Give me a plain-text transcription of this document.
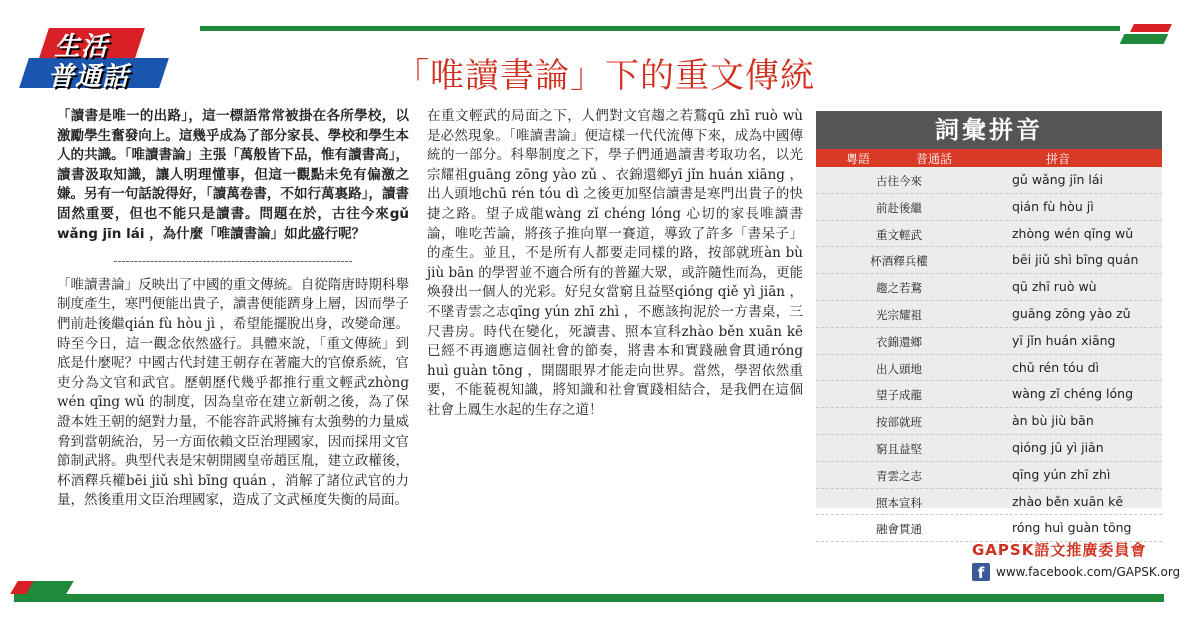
生活
普通話	「唯讀書論」下的重文傳統

「讀書是唯一的出路」，這一標語常常被掛在各所學校，以激勵學生奮發向上。這幾乎成為了部分家長、學校和學生本人的共識。「唯讀書論」主張「萬般皆下品，惟有讀書高」，讀書汲取知識，讓人明理懂事，但這一觀點未免有偏激之嫌。另有一句話說得好，「讀萬卷書，不如行萬裏路」，讀書固然重要，但也不能只是讀書。問題在於，古往今來gǔ wǎng jīn lái ，為什麼「唯讀書論」如此盛行呢？

-----------------------------------------------------------

「唯讀書論」反映出了中國的重文傳統。自從隋唐時期科舉制度產生，寒門便能出貴子，讀書便能躋身上層，因而學子們前赴後繼qián fù hòu jì ，希望能擺脫出身，改變命運。時至今日，這一觀念依然盛行。具體來說，「重文傳統」到底是什麼呢？中國古代封建王朝存在著龐大的官僚系統，官吏分為文官和武官。歷朝歷代幾乎都推行重文輕武zhòng wén qīng wǔ 的制度，因為皇帝在建立新朝之後，為了保證本姓王朝的絕對力量，不能容許武將擁有太強勢的力量威脅到當朝統治，另一方面依賴文臣治理國家，因而採用文官節制武將。典型代表是宋朝開國皇帝趙匡胤，建立政權後，杯酒釋兵權bēi jiǔ shì bīng quán ，消解了諸位武官的力量，然後重用文臣治理國家，造成了文武極度失衡的局面。

在重文輕武的局面之下，人們對文官趨之若鶩qū zhī ruò wù 是必然現象。「唯讀書論」便這樣一代代流傳下來，成為中國傳統的一部分。科舉制度之下，學子們通過讀書考取功名，以光宗耀祖guāng zōng yào zǔ 、衣錦還鄉yī jǐn huán xiāng ，出人頭地chū rén tóu dì 之後更加堅信讀書是寒門出貴子的快捷之路。望子成龍wàng zǐ chéng lóng 心切的家長唯讀書論，唯吃苦論，將孩子推向單一賽道，導致了許多「書呆子」的產生。並且，不是所有人都要走同樣的路，按部就班àn bù jiù bān 的學習並不適合所有的普羅大眾，或許隨性而為，更能煥發出一個人的光彩。好兒女當窮且益堅qióng qiě yì jiān ，不墜青雲之志qīng yún zhī zhì ，不應該拘泥於一方書桌，三尺書房。時代在變化，死讀書、照本宣科zhào běn xuān kē 已經不再適應這個社會的節奏，將書本和實踐融會貫通róng huì guàn tōng ，開闊眼界才能走向世界。當然，學習依然重要，不能藐視知識，將知識和社會實踐相結合，是我們在這個社會上鳳生水起的生存之道！

詞彙拼音
粵語	普通話	拼音
古往今來	gǔ wǎng jīn lái
前赴後繼	qián fù hòu jì
重文輕武	zhòng wén qīng wǔ
杯酒釋兵權	bēi jiǔ shì bīng quán
趨之若鶩	qū zhī ruò wù
光宗耀祖	guāng zōng yào zǔ
衣錦還鄉	yī jǐn huán xiāng
出人頭地	chū rén tóu dì
望子成龍	wàng zǐ chéng lóng
按部就班	àn bù jiù bān
窮且益堅	qióng jū yì jiān
青雲之志	qīng yún zhī zhì
照本宣科	zhào běn xuān kē
融會貫通	róng huì guàn tōng
GAPSK語文推廣委員會
f www.facebook.com/GAPSK.org
